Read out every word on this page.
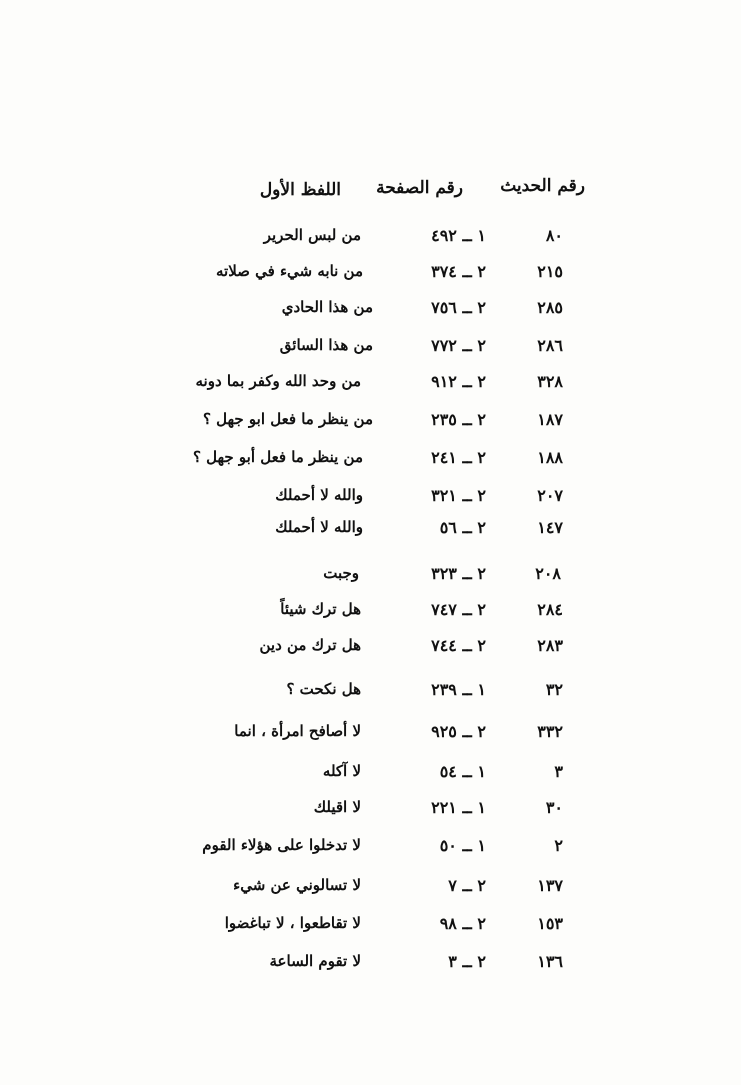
رقم الحديث
رقم الصفحة
اللفظ الأول
٨٠
١ ــ ٤٩٢
من لبس الحرير
٢١٥
٢ ــ ٣٧٤
من نابه شيء في صلاته
٢٨٥
٢ ــ ٧٥٦
من هذا الحادي
٢٨٦
٢ ــ ٧٧٢
من هذا السائق
٣٢٨
٢ ــ ٩١٢
من وحد الله وكفر بما دونه
١٨٧
٢ ــ ٢٣٥
من ينظر ما فعل ابو جهل ؟
١٨٨
٢ ــ ٢٤١
من ينظر ما فعل أبو جهل ؟
٢٠٧
٢ ــ ٣٢١
والله لا أحملك
١٤٧
٢ ــ ٥٦
والله لا أحملك
٢٠٨
٢ ــ ٣٢٣
وجبت
٢٨٤
٢ ــ ٧٤٧
هل ترك شيئاً
٢٨٣
٢ ــ ٧٤٤
هل ترك من دين
٣٢
١ ــ ٢٣٩
هل نكحت ؟
٣٣٢
٢ ــ ٩٢٥
لا أصافح امرأة ، انما
٣
١ ــ ٥٤
لا آكله
٣٠
١ ــ ٢٢١
لا اقيلك
٢
١ ــ ٥٠
لا تدخلوا على هؤلاء القوم
١٣٧
٢ ــ ٧
لا تسالوني عن شيء
١٥٣
٢ ــ ٩٨
لا تقاطعوا ، لا تباغضوا
١٣٦
٢ ــ ٣
لا تقوم الساعة
